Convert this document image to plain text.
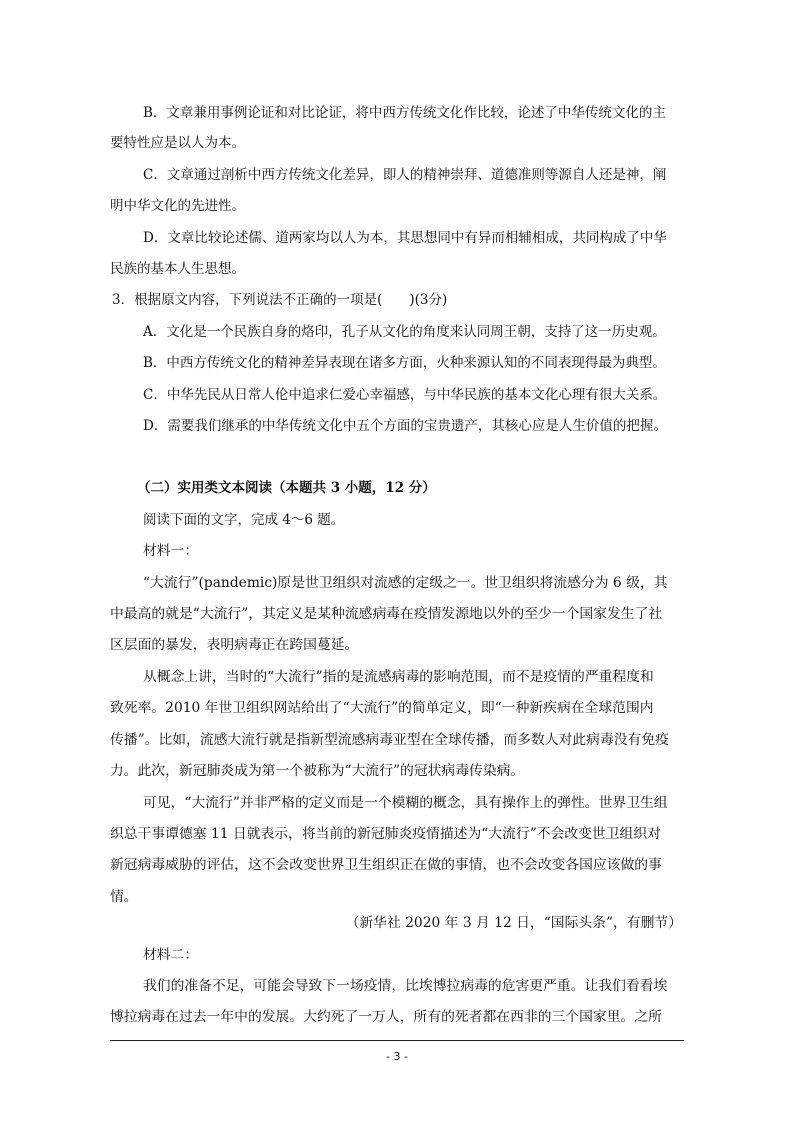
B．文章兼用事例论证和对比论证，将中西方传统文化作比较，论述了中华传统文化的主
要特性应是以人为本。
C．文章通过剖析中西方传统文化差异，即人的精神崇拜、道德准则等源自人还是神，阐
明中华文化的先进性。
D．文章比较论述儒、道两家均以人为本，其思想同中有异而相辅相成，共同构成了中华
民族的基本人生思想。
3．根据原文内容，下列说法不正确的一项是(　　)(3分)
A．文化是一个民族自身的烙印，孔子从文化的角度来认同周王朝，支持了这一历史观。
B．中西方传统文化的精神差异表现在诸多方面，火种来源认知的不同表现得最为典型。
C．中华先民从日常人伦中追求仁爱心幸福感，与中华民族的基本文化心理有很大关系。
D．需要我们继承的中华传统文化中五个方面的宝贵遗产，其核心应是人生价值的把握。
（二）实用类文本阅读（本题共 3 小题，12 分）
阅读下面的文字，完成 4～6 题。
材料一：
“大流行”(pandemic)原是世卫组织对流感的定级之一。世卫组织将流感分为 6 级，其
中最高的就是“大流行”，其定义是某种流感病毒在疫情发源地以外的至少一个国家发生了社
区层面的暴发，表明病毒正在跨国蔓延。
从概念上讲，当时的“大流行”指的是流感病毒的影响范围，而不是疫情的严重程度和
致死率。2010 年世卫组织网站给出了“大流行”的简单定义，即“一种新疾病在全球范围内
传播”。比如，流感大流行就是指新型流感病毒亚型在全球传播，而多数人对此病毒没有免疫
力。此次，新冠肺炎成为第一个被称为“大流行”的冠状病毒传染病。
可见，“大流行”并非严格的定义而是一个模糊的概念，具有操作上的弹性。世界卫生组
织总干事谭德塞 11 日就表示，将当前的新冠肺炎疫情描述为“大流行”不会改变世卫组织对
新冠病毒威胁的评估，这不会改变世界卫生组织正在做的事情，也不会改变各国应该做的事
情。
（新华社 2020 年 3 月 12 日，“国际头条”，有删节）
材料二：
我们的准备不足，可能会导致下一场疫情，比埃博拉病毒的危害更严重。让我们看看埃
博拉病毒在过去一年中的发展。大约死了一万人，所有的死者都在西非的三个国家里。之所
- 3 -
